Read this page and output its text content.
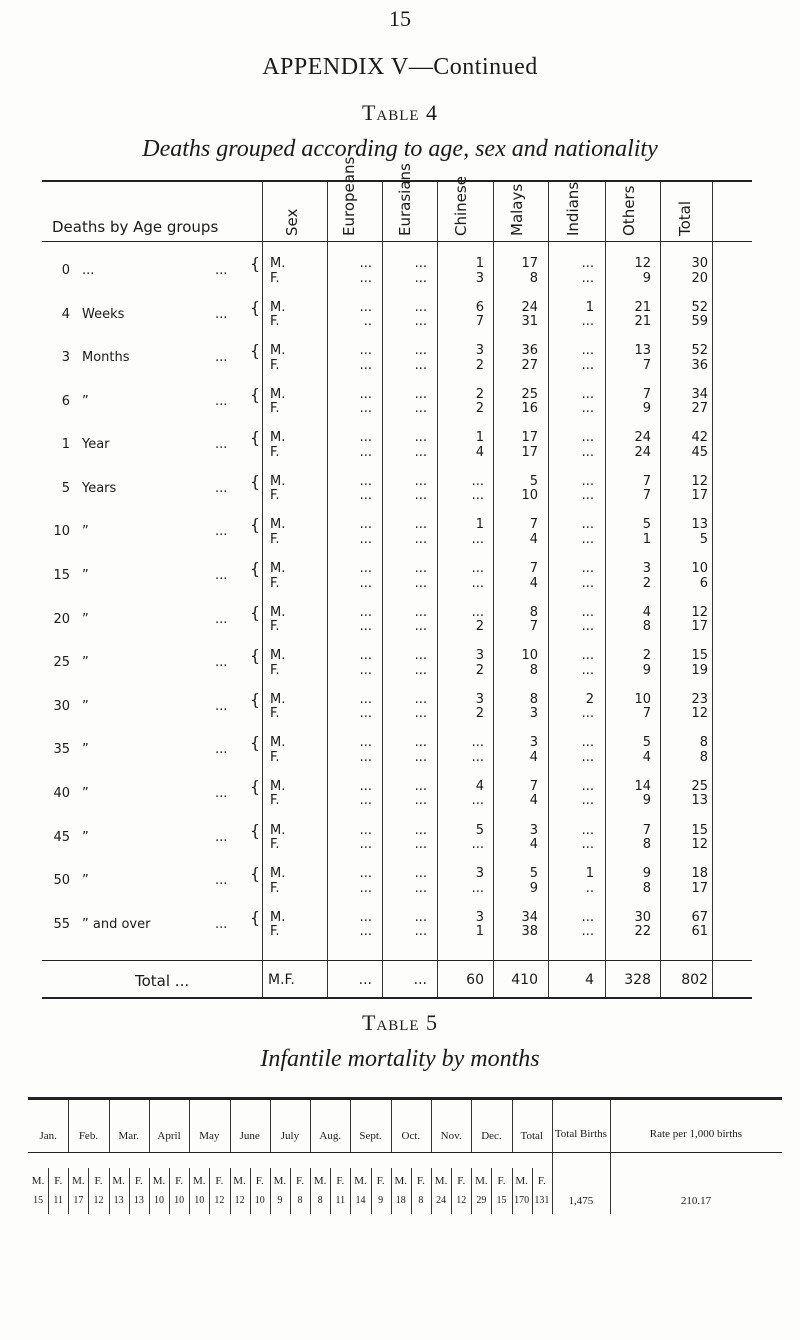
15
APPENDIX V—Continued
Table 4
Deaths grouped according to age, sex and nationality
Deaths by Age groups	Sex	Europeans	Eurasians	Chinese	Malays	Indians	Others	Total
0 ...	... { M.	...	...	1	17	...	12	30
F.	...	...	3	8	...	9	20
4 Weeks	... { M.	...	...	6	24	1	21	52
F.	..	...	7	31	...	21	59
3 Months	... { M.	...	...	3	36	...	13	52
F.	...	...	2	27	...	7	36
6 ”	... { M.	...	...	2	25	...	7	34
F.	...	...	2	16	...	9	27
1 Year	... { M.	...	...	1	17	...	24	42
F.	...	...	4	17	...	24	45
5 Years	... { M.	...	...	...	5	...	7	12
F.	...	...	...	10	...	7	17
10 ”	... { M.	...	...	1	7	...	5	13
F.	...	...	...	4	...	1	5
15 ”	... { M.	...	...	...	7	...	3	10
F.	...	...	...	4	...	2	6
20 ”	... { M.	...	...	...	8	...	4	12
F.	...	...	2	7	...	8	17
25 ”	... { M.	...	...	3	10	...	2	15
F.	...	...	2	8	...	9	19
30 ”	... { M.	...	...	3	8	2	10	23
F.	...	...	2	3	...	7	12
35 ”	... { M.	...	...	...	3	...	5	8
F.	...	...	...	4	...	4	8
40 ”	... { M.	...	...	4	7	...	14	25
F.	...	...	...	4	...	9	13
45 ”	... { M.	...	...	5	3	...	7	15
F.	...	...	...	4	...	8	12
50 ”	... { M.	...	...	3	5	1	9	18
F.	...	...	...	9	..	8	17
55 ” and over	... { M.	...	...	3	34	...	30	67
F.	...	...	1	38	...	22	61
Total ...	M.F.	...	...	60	410	4	328	802
Table 5
Infantile mortality by months
Jan.
M. F.
15	11
Feb.
M. F.
17	12
Mar.
M. F.
13	13
April
M. F.
10	10
May
M. F.
10	12
June
M. F.
12	10
July
M. F.
9	8
Aug.
M. F.
8	11
Sept.
M. F.
14	9
Oct.
M. F.
18	8
Nov.
M. F.
24	12
Dec.
M. F.
29	15
Total
M. F.
170 131
Total Births	Rate per 1,000 births
1,475	210.17
